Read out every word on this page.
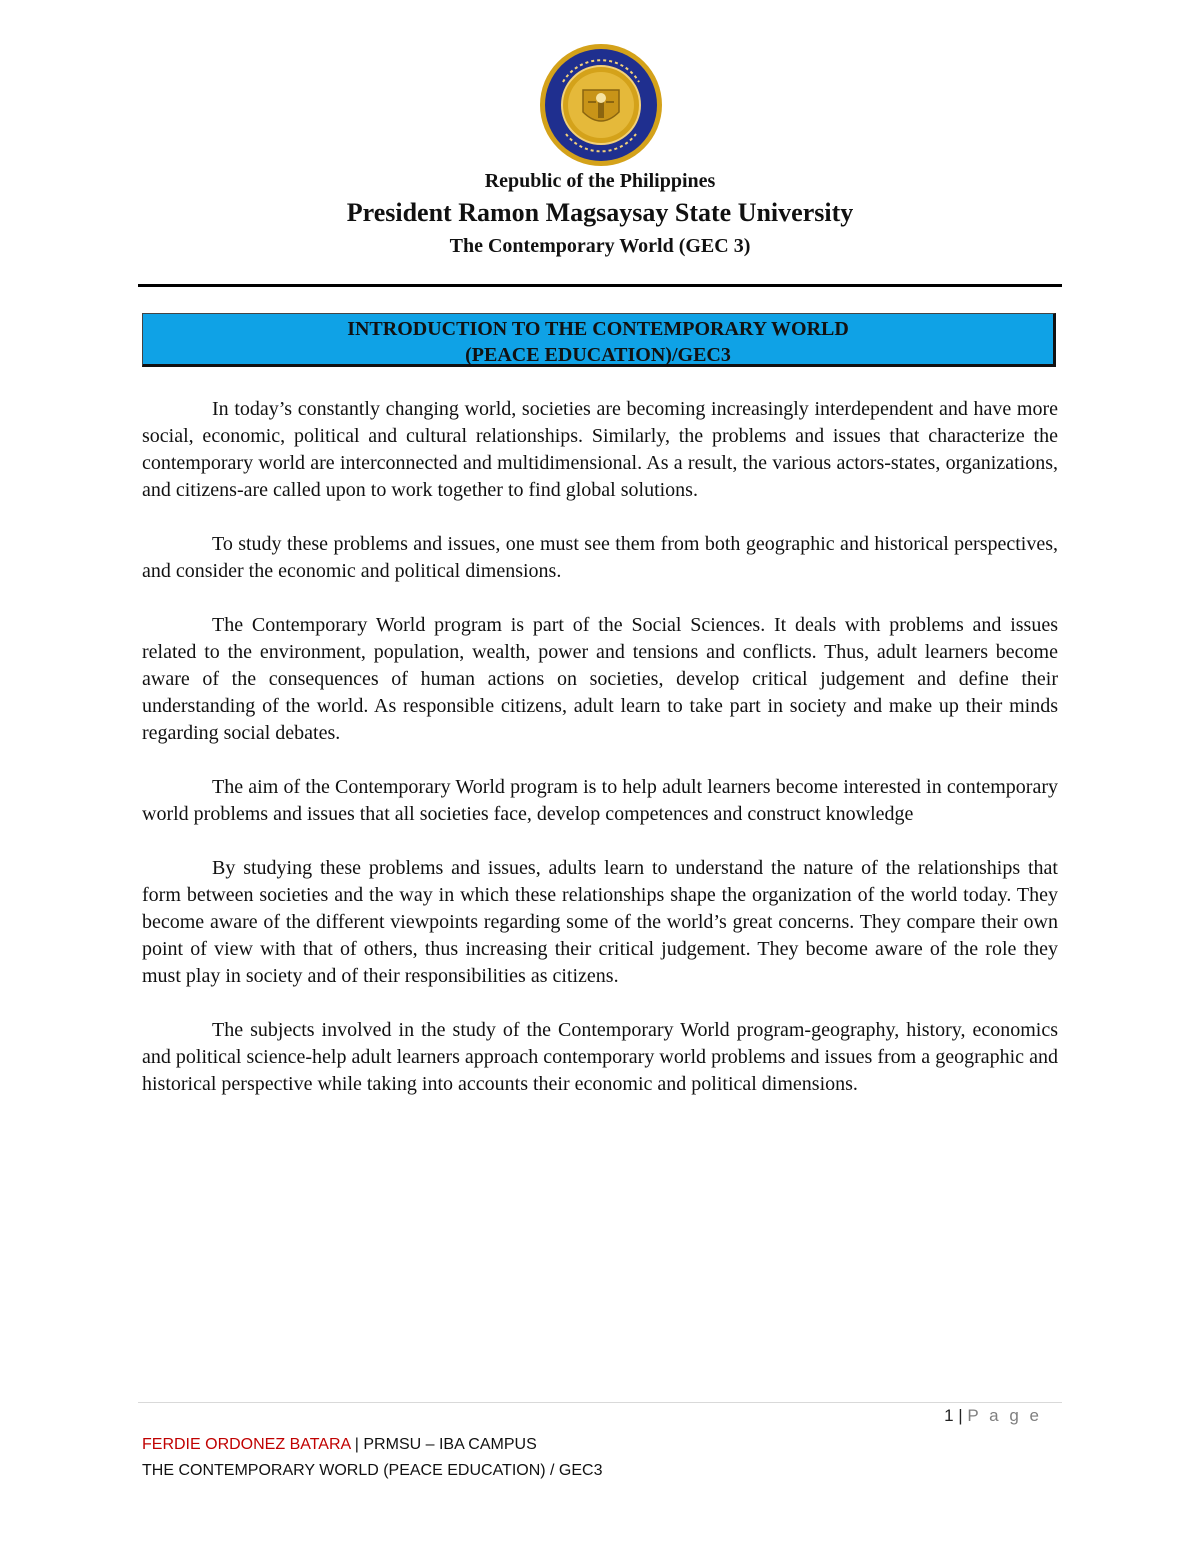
Republic of the Philippines
President Ramon Magsaysay State University
The Contemporary World (GEC 3)
INTRODUCTION TO THE CONTEMPORARY WORLD
(PEACE EDUCATION)/GEC3

In today’s constantly changing world, societies are becoming increasingly interdependent and have more social, economic, political and cultural relationships. Similarly, the problems and issues that characterize the contemporary world are interconnected and multidimensional. As a result, the various actors-states, organizations, and citizens-are called upon to work together to find global solutions.

To study these problems and issues, one must see them from both geographic and historical perspectives, and consider the economic and political dimensions.

The Contemporary World program is part of the Social Sciences. It deals with problems and issues related to the environment, population, wealth, power and tensions and conflicts. Thus, adult learners become aware of the consequences of human actions on societies, develop critical judgement and define their understanding of the world. As responsible citizens, adult learn to take part in society and make up their minds regarding social debates.

The aim of the Contemporary World program is to help adult learners become interested in contemporary world problems and issues that all societies face, develop competences and construct knowledge

By studying these problems and issues, adults learn to understand the nature of the relationships that form between societies and the way in which these relationships shape the organization of the world today. They become aware of the different viewpoints regarding some of the world’s great concerns. They compare their own point of view with that of others, thus increasing their critical judgement. They become aware of the role they must play in society and of their responsibilities as citizens.

The subjects involved in the study of the Contemporary World program-geography, history, economics and political science-help adult learners approach contemporary world problems and issues from a geographic and historical perspective while taking into accounts their economic and political dimensions.

1 | P a g e
FERDIE ORDONEZ BATARA | PRMSU – IBA CAMPUS
THE CONTEMPORARY WORLD (PEACE EDUCATION) / GEC3
